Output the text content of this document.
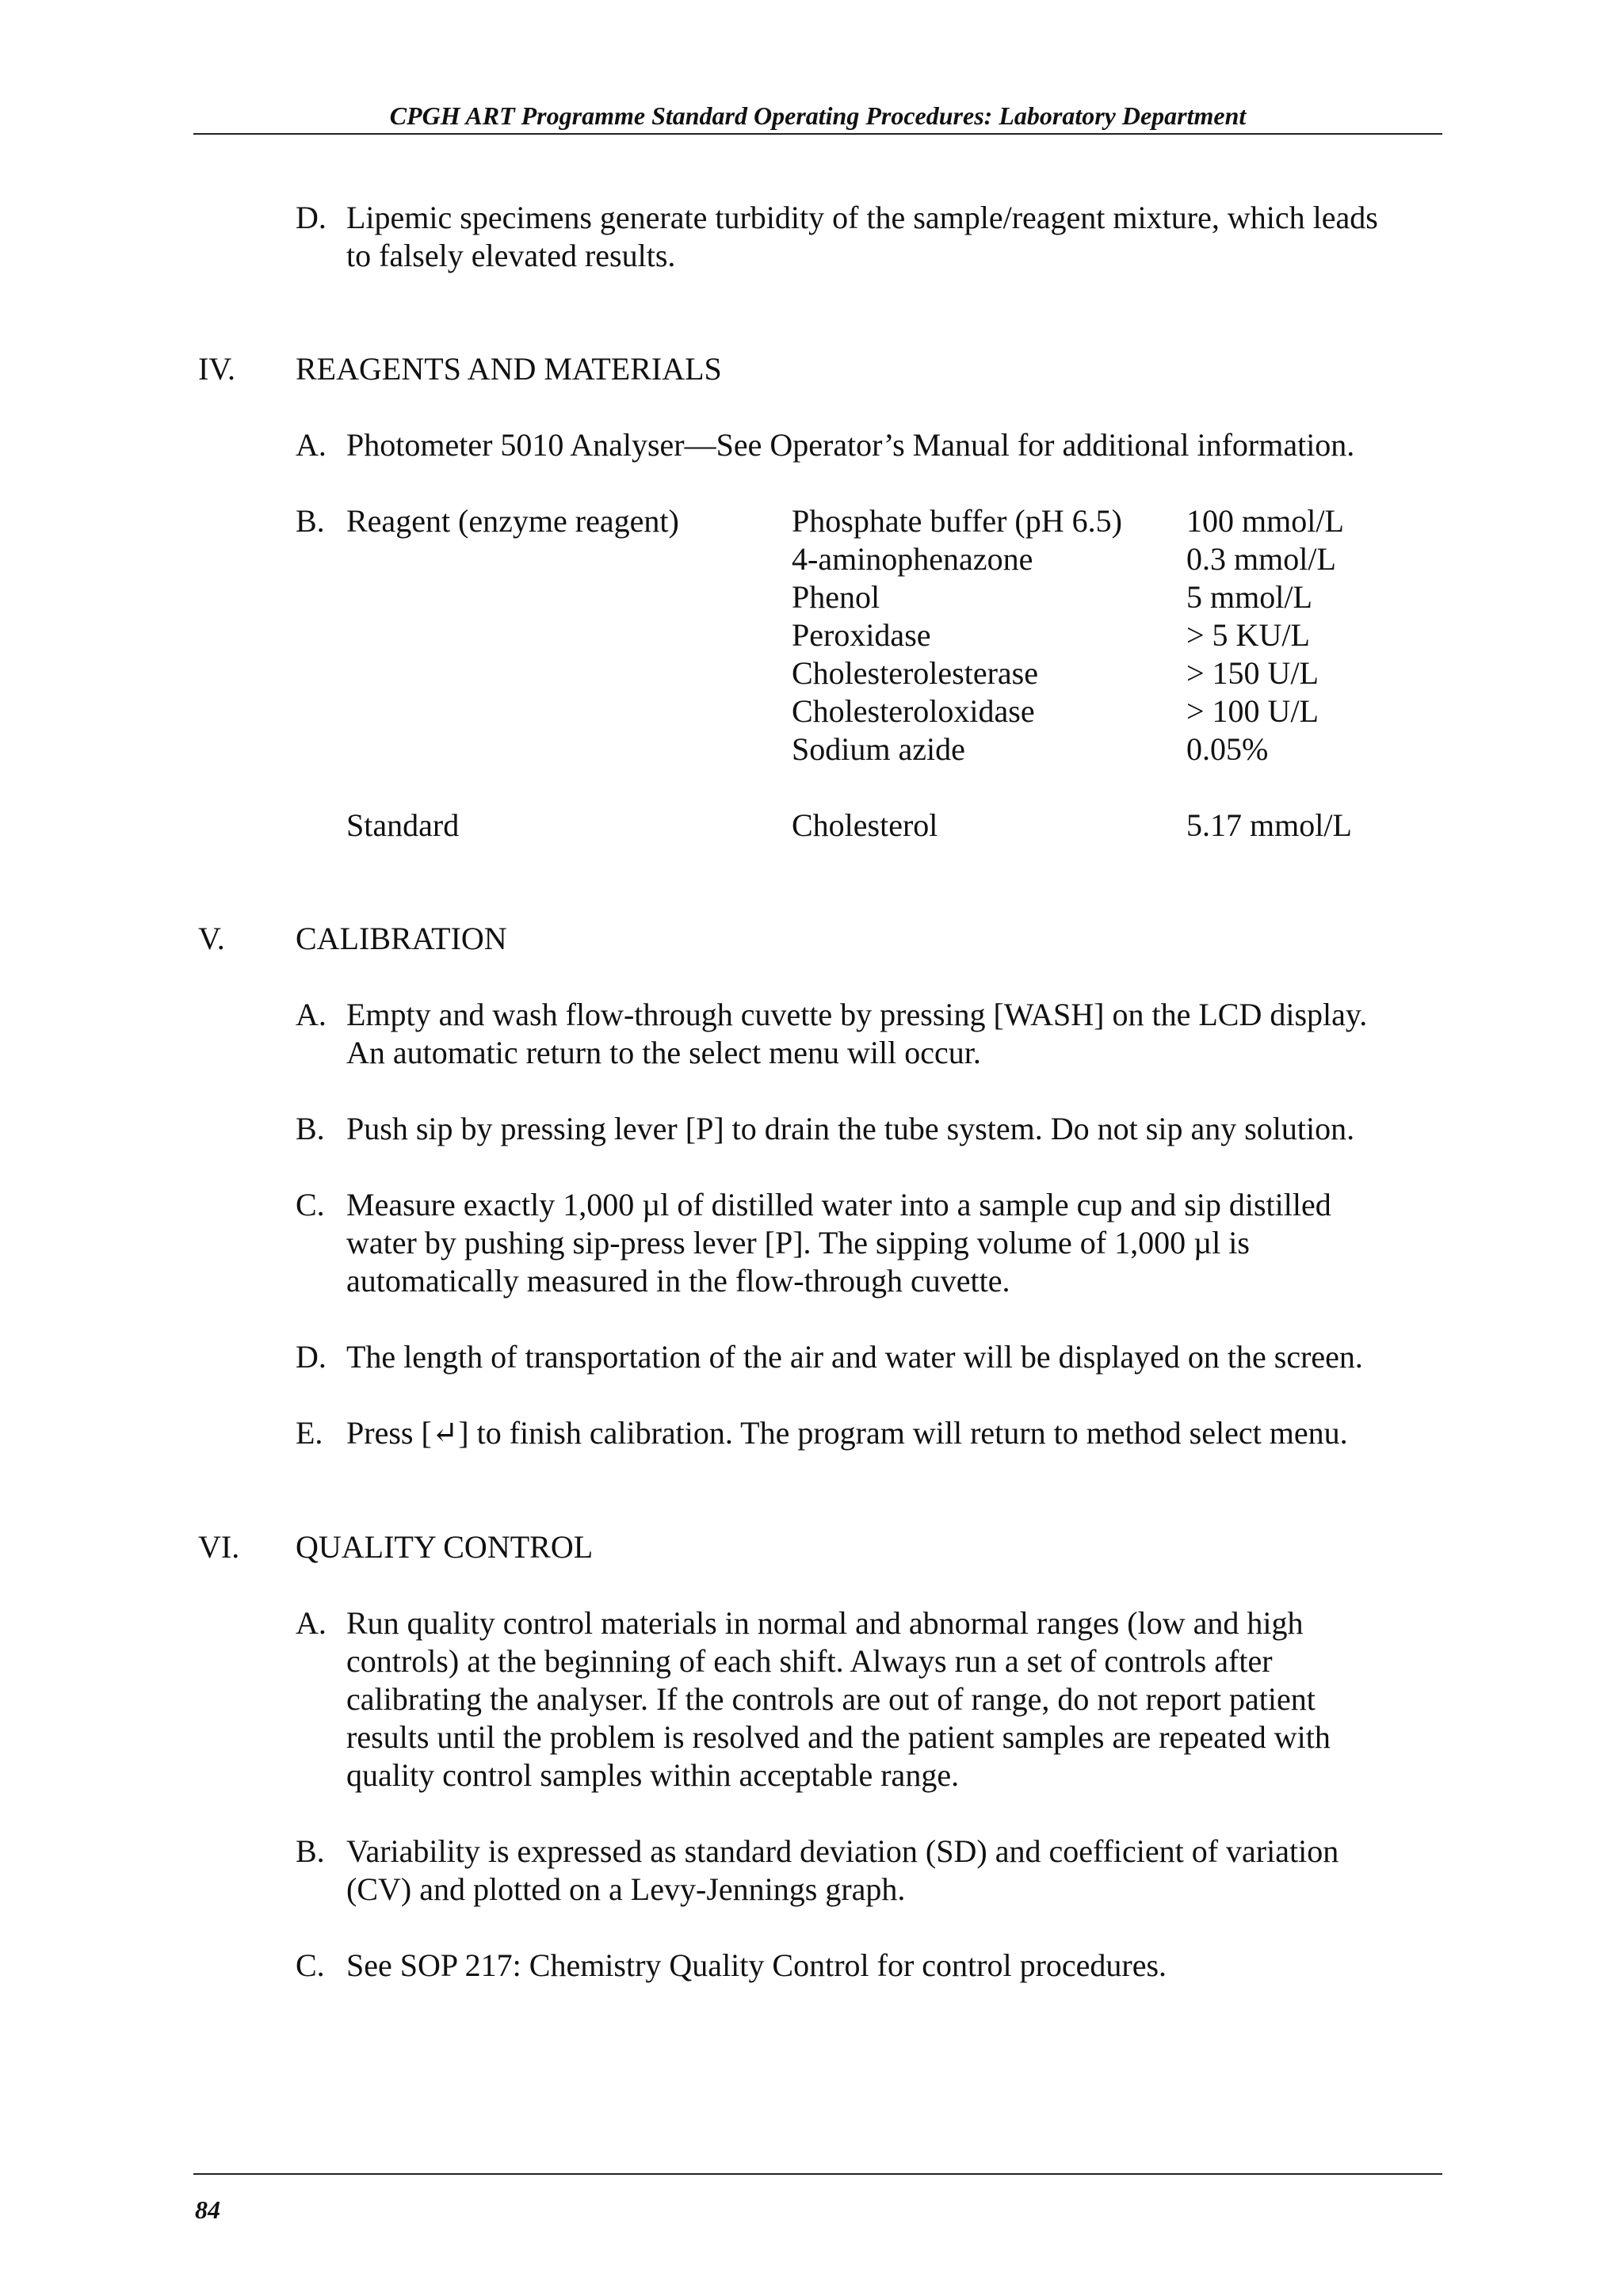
CPGH ART Programme Standard Operating Procedures: Laboratory Department
D. Lipemic specimens generate turbidity of the sample/reagent mixture, which leads
to falsely elevated results.
IV. REAGENTS AND MATERIALS
A. Photometer 5010 Analyser—See Operator’s Manual for additional information.
B. Reagent (enzyme reagent)	Phosphate buffer (pH 6.5) 100 mmol/L
4-aminophenazone	0.3 mmol/L
Phenol	5 mmol/L
Peroxidase	> 5 KU/L
Cholesterolesterase	> 150 U/L
Cholesteroloxidase	> 100 U/L
Sodium azide	0.05%
Standard	Cholesterol	5.17 mmol/L
V. CALIBRATION
A. Empty and wash flow-through cuvette by pressing [WASH] on the LCD display.
An automatic return to the select menu will occur.
B. Push sip by pressing lever [P] to drain the tube system. Do not sip any solution.
C. Measure exactly 1,000 µl of distilled water into a sample cup and sip distilled
water by pushing sip-press lever [P]. The sipping volume of 1,000 µl is
automatically measured in the flow-through cuvette.
D. The length of transportation of the air and water will be displayed on the screen.
E. Press [↵] to finish calibration. The program will return to method select menu.
VI. QUALITY CONTROL
A. Run quality control materials in normal and abnormal ranges (low and high
controls) at the beginning of each shift. Always run a set of controls after
calibrating the analyser. If the controls are out of range, do not report patient
results until the problem is resolved and the patient samples are repeated with
quality control samples within acceptable range.
B. Variability is expressed as standard deviation (SD) and coefficient of variation
(CV) and plotted on a Levy-Jennings graph.
C. See SOP 217: Chemistry Quality Control for control procedures.
84
